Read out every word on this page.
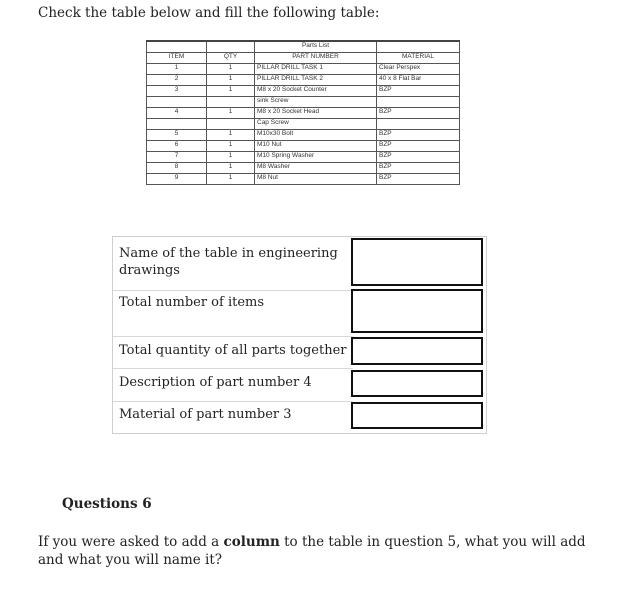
Check the table below and fill the following table:
		Parts List	
ITEM	QTY	PART NUMBER	MATERIAL
1	1	PILLAR DRILL TASK 1	Clear Perspex
2	1	PILLAR DRILL TASK 2	40 x 8 Flat Bar
3	1	M8 x 20 Socket Counter	BZP
		sink Screw	
4	1	M8 x 20 Socket Head	BZP
		Cap Screw	
5	1	M10x30 Bolt	BZP
6	1	M10 Nut	BZP
7	1	M10 Spring Washer	BZP
8	1	M8 Washer	BZP
9	1	M8 Nut	BZP
Name of the table in engineering drawings
Total number of items
Total quantity of all parts together
Description of part number 4
Material of part number 3
Questions 6
If you were asked to add a column to the table in question 5, what you will add and what you will name it?
